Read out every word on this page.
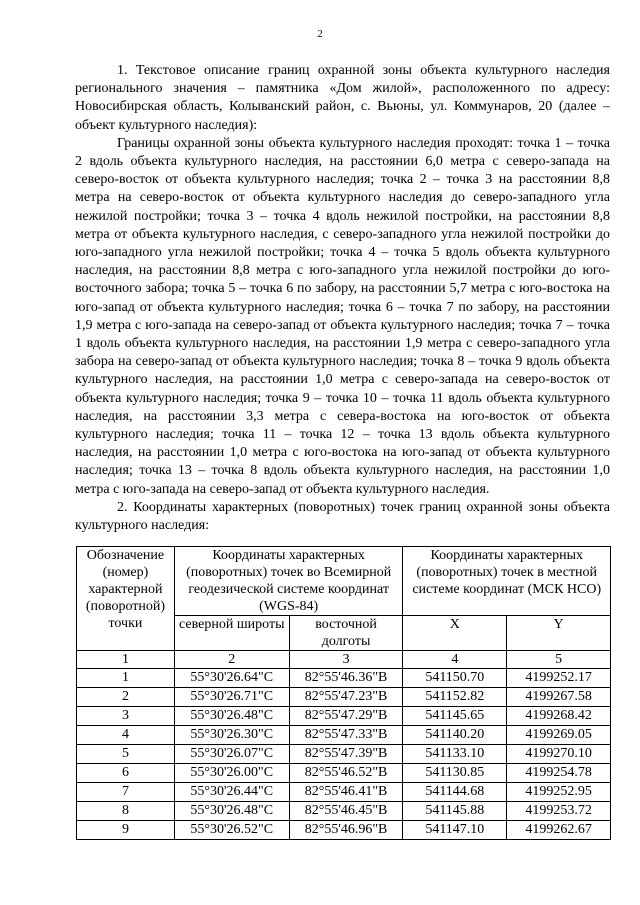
2

1. Текстовое описание границ охранной зоны объекта культурного наследия регионального значения – памятника «Дом жилой», расположенного по адресу: Новосибирская область, Колыванский район, с. Вьюны, ул. Коммунаров, 20 (далее – объект культурного наследия):

Границы охранной зоны объекта культурного наследия проходят: точка 1 – точка 2 вдоль объекта культурного наследия, на расстоянии 6,0 метра с северо-запада на северо-восток от объекта культурного наследия; точка 2 – точка 3 на расстоянии 8,8 метра на северо-восток от объекта культурного наследия до северо-западного угла нежилой постройки; точка 3 – точка 4 вдоль нежилой постройки, на расстоянии 8,8 метра от объекта культурного наследия, с северо-западного угла нежилой постройки до юго-западного угла нежилой постройки; точка 4 – точка 5 вдоль объекта культурного наследия, на расстоянии 8,8 метра с юго-западного угла нежилой постройки до юго-восточного забора; точка 5 – точка 6 по забору, на расстоянии 5,7 метра с юго-востока на юго-запад от объекта культурного наследия; точка 6 – точка 7 по забору, на расстоянии 1,9 метра с юго-запада на северо-запад от объекта культурного наследия; точка 7 – точка 1 вдоль объекта культурного наследия, на расстоянии 1,9 метра с северо-западного угла забора на северо-запад от объекта культурного наследия; точка 8 – точка 9 вдоль объекта культурного наследия, на расстоянии 1,0 метра с северо-запада на северо-восток от объекта культурного наследия; точка 9 – точка 10 – точка 11 вдоль объекта культурного наследия, на расстоянии 3,3 метра с севера-востока на юго-восток от объекта культурного наследия; точка 11 – точка 12 – точка 13 вдоль объекта культурного наследия, на расстоянии 1,0 метра с юго-востока на юго-запад от объекта культурного наследия; точка 13 – точка 8 вдоль объекта культурного наследия, на расстоянии 1,0 метра с юго-запада на северо-запад от объекта культурного наследия.

2. Координаты характерных (поворотных) точек границ охранной зоны объекта культурного наследия:

Обозначение (номер) характерной (поворотной) точки	Координаты характерных (поворотных) точек во Всемирной геодезической системе координат (WGS-84)		Координаты характерных (поворотных) точек в местной системе координат (МСК НСО)	
	северной широты	восточной долготы	X	Y
1	2	3	4	5
1	55°30'26.64"С	82°55'46.36"В	541150.70	4199252.17
2	55°30'26.71"С	82°55'47.23"В	541152.82	4199267.58
3	55°30'26.48"С	82°55'47.29"В	541145.65	4199268.42
4	55°30'26.30"С	82°55'47.33"В	541140.20	4199269.05
5	55°30'26.07"С	82°55'47.39"В	541133.10	4199270.10
6	55°30'26.00"С	82°55'46.52"В	541130.85	4199254.78
7	55°30'26.44"С	82°55'46.41"В	541144.68	4199252.95
8	55°30'26.48"С	82°55'46.45"В	541145.88	4199253.72
9	55°30'26.52"С	82°55'46.96"В	541147.10	4199262.67
